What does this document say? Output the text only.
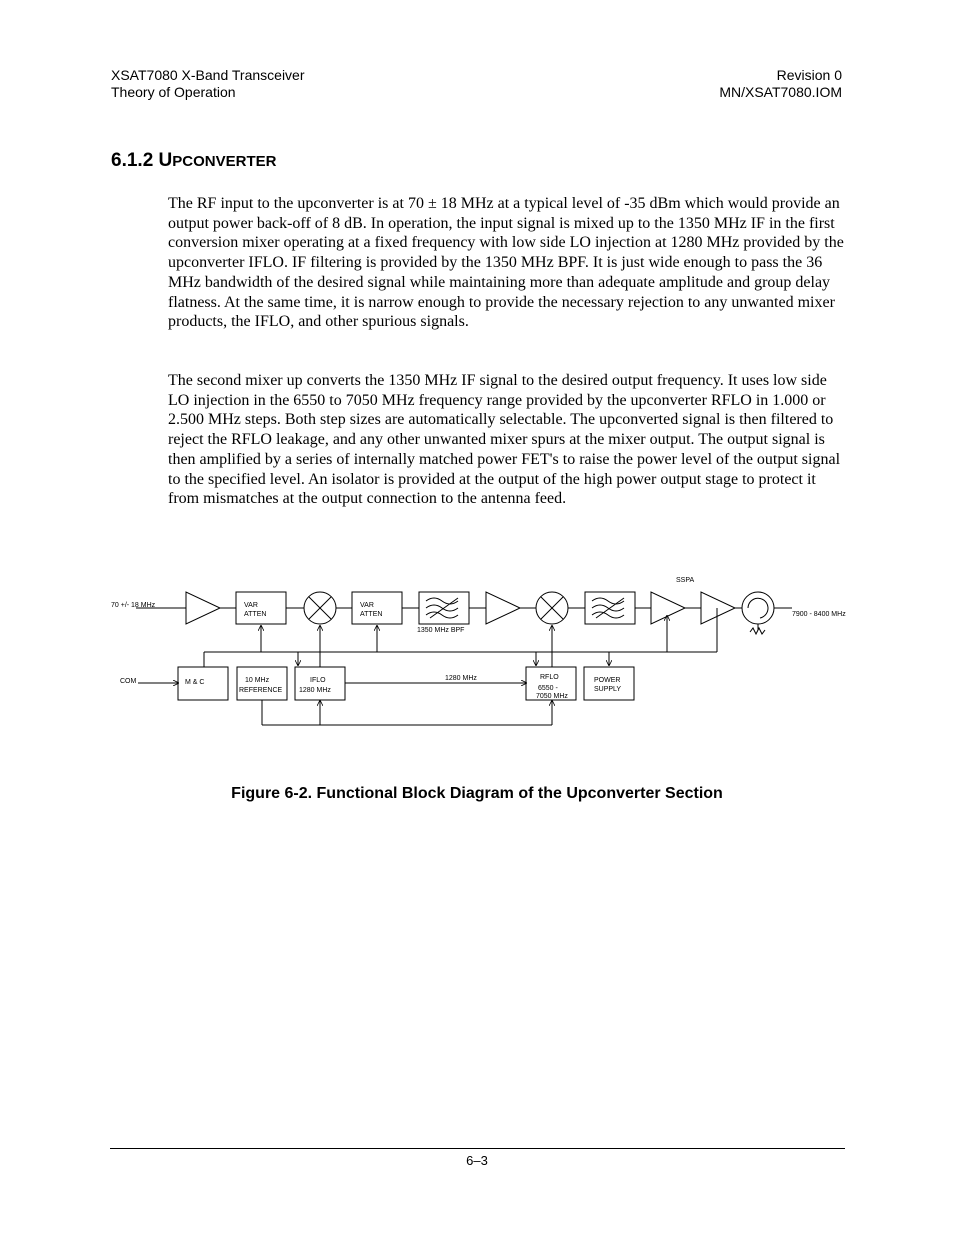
XSAT7080 X-Band Transceiver
Theory of Operation
Revision 0
MN/XSAT7080.IOM
6.1.2 UPCONVERTER

The RF input to the upconverter is at 70 ± 18 MHz at a typical level of -35 dBm which would provide an output power back-off of 8 dB. In operation, the input signal is mixed up to the 1350 MHz IF in the first conversion mixer operating at a fixed frequency with low side LO injection at 1280 MHz provided by the upconverter IFLO. IF filtering is provided by the 1350 MHz BPF. It is just wide enough to pass the 36 MHz bandwidth of the desired signal while maintaining more than adequate amplitude and group delay flatness. At the same time, it is narrow enough to provide the necessary rejection to any unwanted mixer products, the IFLO, and other spurious signals.

The second mixer up converts the 1350 MHz IF signal to the desired output frequency. It uses low side LO injection in the 6550 to 7050 MHz frequency range provided by the upconverter RFLO in 1.000 or 2.500 MHz steps. Both step sizes are automatically selectable. The upconverted signal is then filtered to reject the RFLO leakage, and any other unwanted mixer spurs at the mixer output. The output signal is then amplified by a series of internally matched power FET's to raise the power level of the output signal to the specified level. An isolator is provided at the output of the high power output stage to protect it from mismatches at the output connection to the antenna feed.

70 +/- 18 MHz
7900 - 8400 MHz
SSPA
VAR
ATTEN
VAR
ATTEN
1350 MHz BPF
COM	M & C	10 MHz
REFERENCE
IFLO
1280 MHz
1280 MHz	RFLO
6550 -
7050 MHz
POWER
SUPPLY
Figure 6-2. Functional Block Diagram of the Upconverter Section
6–3
